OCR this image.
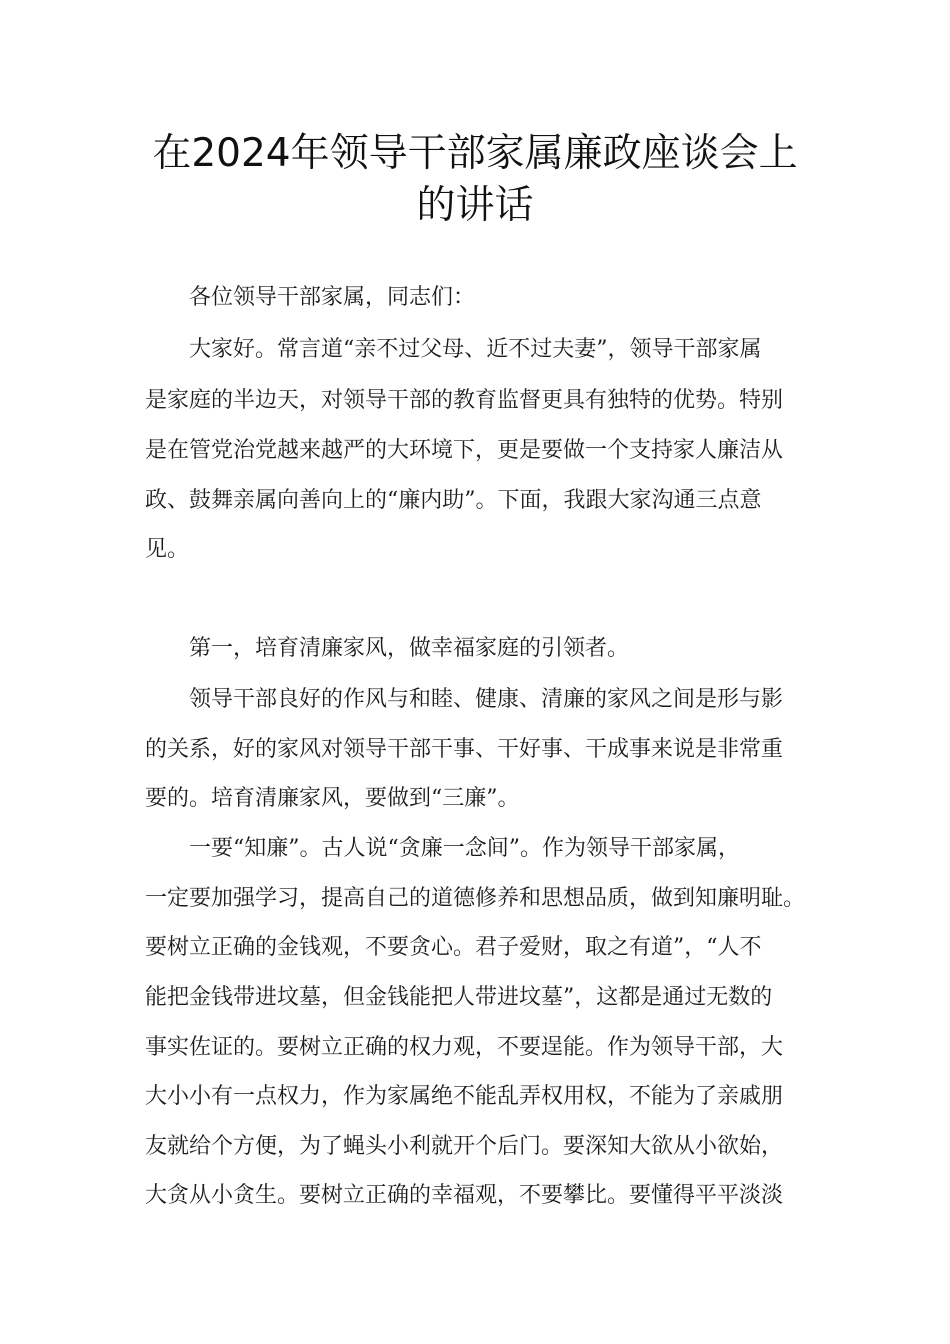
在2024年领导干部家属廉政座谈会上
的讲话
各位领导干部家属，同志们：
大家好。常言道“亲不过父母、近不过夫妻”，领导干部家属
是家庭的半边天，对领导干部的教育监督更具有独特的优势。特别
是在管党治党越来越严的大环境下，更是要做一个支持家人廉洁从
政、鼓舞亲属向善向上的“廉内助”。下面，我跟大家沟通三点意
见。
第一，培育清廉家风，做幸福家庭的引领者。
领导干部良好的作风与和睦、健康、清廉的家风之间是形与影
的关系，好的家风对领导干部干事、干好事、干成事来说是非常重
要的。培育清廉家风，要做到“三廉”。
一要“知廉”。古人说“贪廉一念间”。作为领导干部家属，
一定要加强学习，提高自己的道德修养和思想品质，做到知廉明耻。
要树立正确的金钱观，不要贪心。君子爱财，取之有道”，“人不
能把金钱带进坟墓，但金钱能把人带进坟墓”，这都是通过无数的
事实佐证的。要树立正确的权力观，不要逞能。作为领导干部，大
大小小有一点权力，作为家属绝不能乱弄权用权，不能为了亲戚朋
友就给个方便，为了蝇头小利就开个后门。要深知大欲从小欲始，
大贪从小贪生。要树立正确的幸福观，不要攀比。要懂得平平淡淡
